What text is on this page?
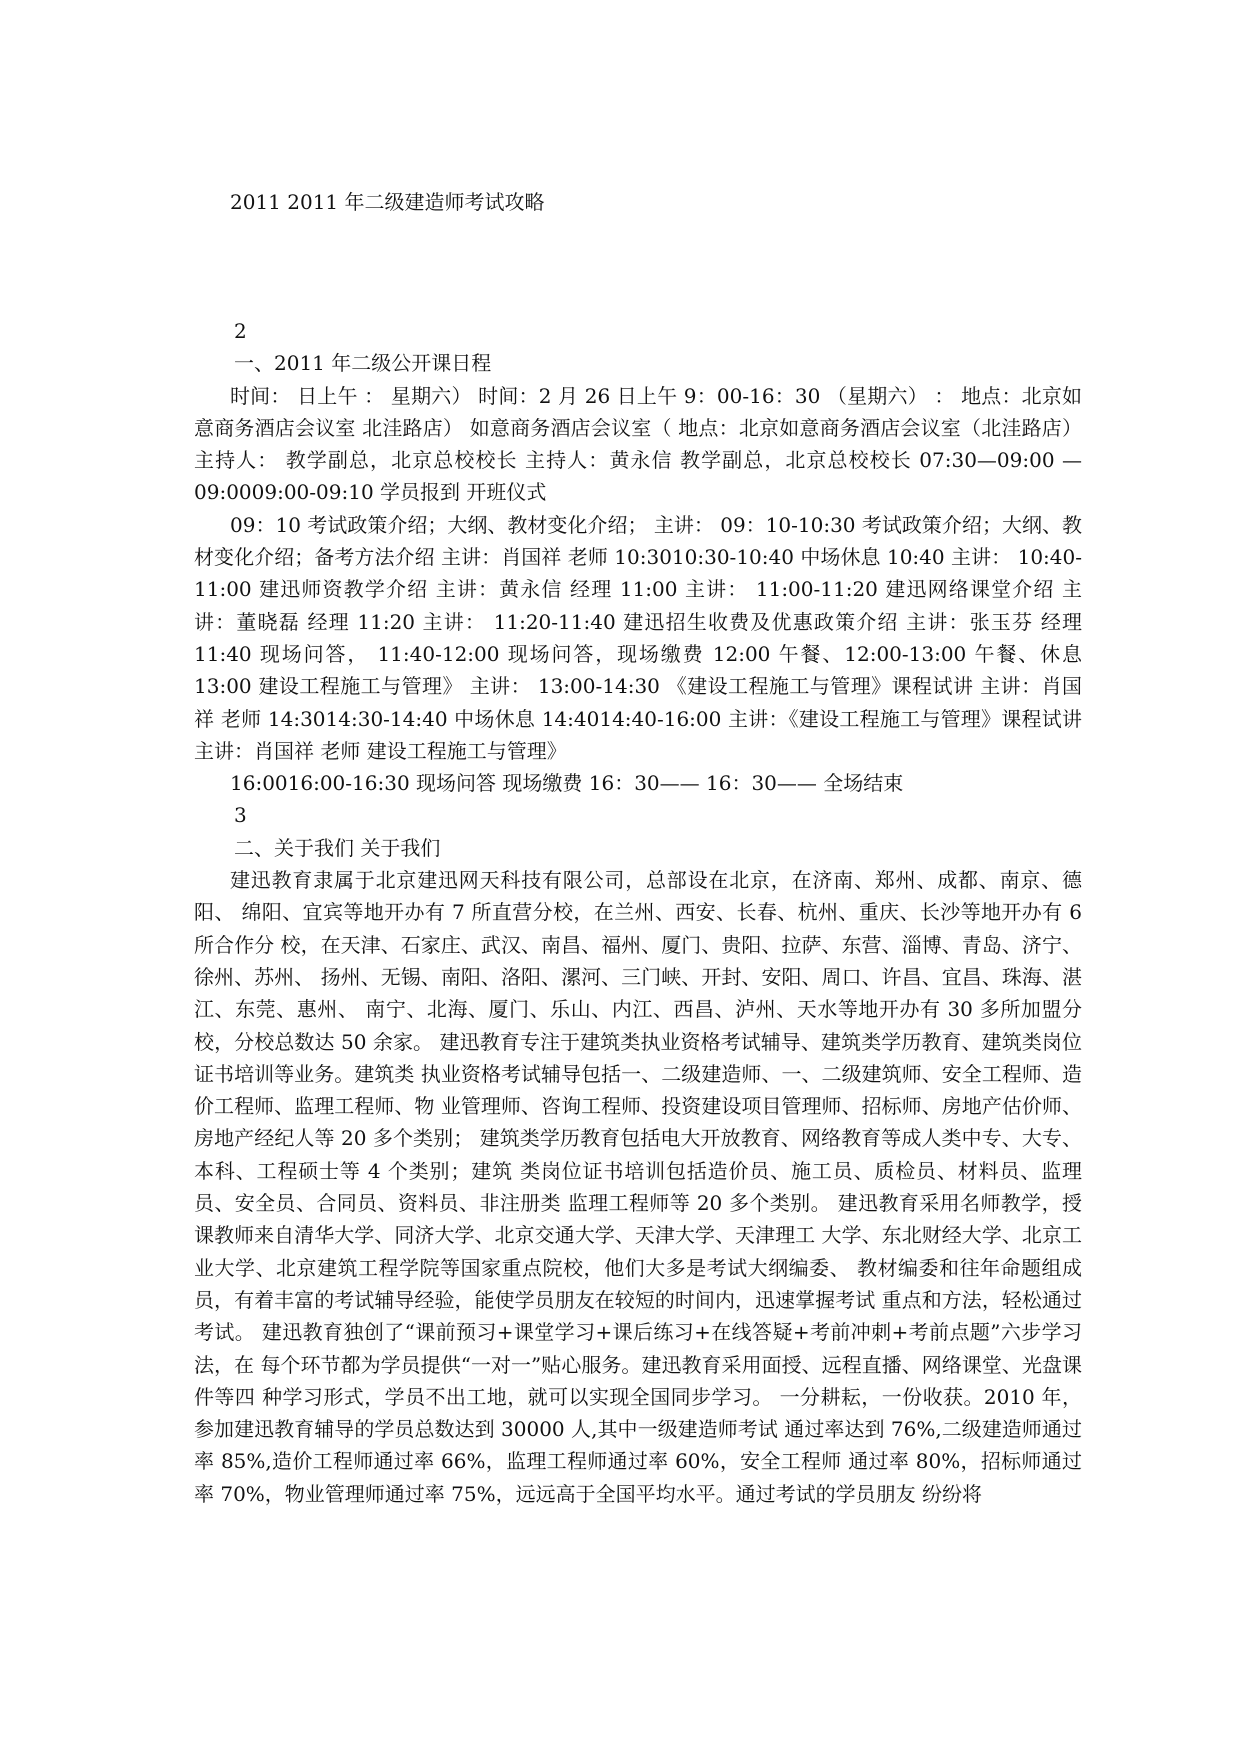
2011 2011 年二级建造师考试攻略

2

一、2011 年二级公开课日程

时间： 日上午 ： 星期六） 时间：2 月 26 日上午 9：00-16：30 （星期六） ： 地点：北京如意商务酒店会议室 北洼路店） 如意商务酒店会议室（ 地点：北京如意商务酒店会议室（北洼路店） 主持人： 教学副总，北京总校校长 主持人：黄永信 教学副总，北京总校校长 07:30—09:00 — 09:0009:00-09:10 学员报到 开班仪式

09：10 考试政策介绍；大纲、教材变化介绍； 主讲： 09：10-10:30 考试政策介绍；大纲、教材变化介绍；备考方法介绍 主讲：肖国祥 老师 10:3010:30-10:40 中场休息 10:40 主讲： 10:40-11:00 建迅师资教学介绍 主讲：黄永信 经理 11:00 主讲： 11:00-11:20 建迅网络课堂介绍 主讲：董晓磊 经理 11:20 主讲： 11:20-11:40 建迅招生收费及优惠政策介绍 主讲：张玉芬 经理 11:40 现场问答， 11:40-12:00 现场问答，现场缴费 12:00 午餐、12:00-13:00 午餐、休息 13:00 建设工程施工与管理》 主讲： 13:00-14:30 《建设工程施工与管理》课程试讲 主讲：肖国祥 老师 14:3014:30-14:40 中场休息 14:4014:40-16:00 主讲：《建设工程施工与管理》课程试讲 主讲：肖国祥 老师 建设工程施工与管理》

16:0016:00-16:30 现场问答 现场缴费 16：30—— 16：30—— 全场结束

3

二、关于我们 关于我们

建迅教育隶属于北京建迅网天科技有限公司，总部设在北京，在济南、郑州、成都、南京、德阳、 绵阳、宜宾等地开办有 7 所直营分校，在兰州、西安、长春、杭州、重庆、长沙等地开办有 6 所合作分 校，在天津、石家庄、武汉、南昌、福州、厦门、贵阳、拉萨、东营、淄博、青岛、济宁、徐州、苏州、 扬州、无锡、南阳、洛阳、漯河、三门峡、开封、安阳、周口、许昌、宜昌、珠海、湛江、东莞、惠州、 南宁、北海、厦门、乐山、内江、西昌、泸州、天水等地开办有 30 多所加盟分校，分校总数达 50 余家。 建迅教育专注于建筑类执业资格考试辅导、建筑类学历教育、建筑类岗位证书培训等业务。建筑类 执业资格考试辅导包括一、二级建造师、一、二级建筑师、安全工程师、造价工程师、监理工程师、物 业管理师、咨询工程师、投资建设项目管理师、招标师、房地产估价师、房地产经纪人等 20 多个类别； 建筑类学历教育包括电大开放教育、网络教育等成人类中专、大专、本科、工程硕士等 4 个类别；建筑 类岗位证书培训包括造价员、施工员、质检员、材料员、监理员、安全员、合同员、资料员、非注册类 监理工程师等 20 多个类别。 建迅教育采用名师教学，授课教师来自清华大学、同济大学、北京交通大学、天津大学、天津理工 大学、东北财经大学、北京工业大学、北京建筑工程学院等国家重点院校，他们大多是考试大纲编委、 教材编委和往年命题组成员，有着丰富的考试辅导经验，能使学员朋友在较短的时间内，迅速掌握考试 重点和方法，轻松通过考试。 建迅教育独创了“课前预习+课堂学习+课后练习+在线答疑+考前冲刺+考前点题”六步学习法，在 每个环节都为学员提供“一对一”贴心服务。建迅教育采用面授、远程直播、网络课堂、光盘课件等四 种学习形式，学员不出工地，就可以实现全国同步学习。 一分耕耘，一份收获。2010 年，参加建迅教育辅导的学员总数达到 30000 人,其中一级建造师考试 通过率达到 76%,二级建造师通过率 85%,造价工程师通过率 66%，监理工程师通过率 60%，安全工程师 通过率 80%，招标师通过率 70%，物业管理师通过率 75%，远远高于全国平均水平。通过考试的学员朋友 纷纷将
